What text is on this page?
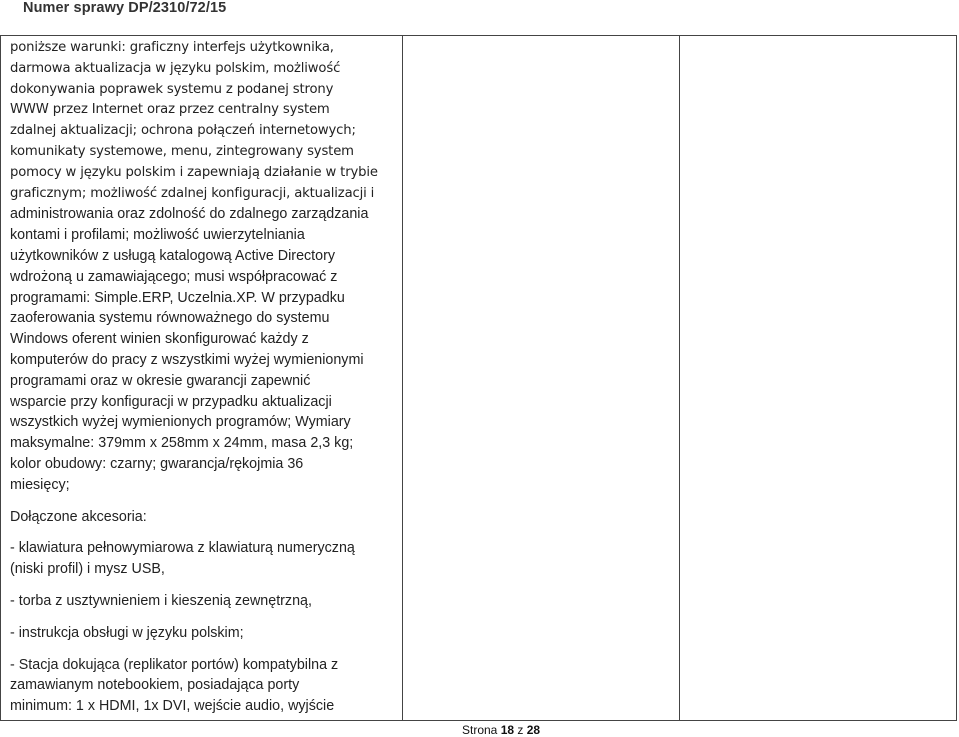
Numer sprawy DP/2310/72/15
poniższe warunki: graficzny interfejs użytkownika,
darmowa aktualizacja w języku polskim, możliwość
dokonywania poprawek systemu z podanej strony
WWW przez Internet oraz przez centralny system
zdalnej aktualizacji; ochrona połączeń internetowych;
komunikaty systemowe, menu, zintegrowany system
pomocy w języku polskim i zapewniają działanie w trybie
graficznym; możliwość zdalnej konfiguracji, aktualizacji i
administrowania oraz zdolność do zdalnego zarządzania
kontami i profilami; możliwość uwierzytelniania
użytkowników z usługą katalogową Active Directory
wdrożoną u zamawiającego; musi współpracować z
programami: Simple.ERP, Uczelnia.XP. W przypadku
zaoferowania systemu równoważnego do systemu
Windows oferent winien skonfigurować każdy z
komputerów do pracy z wszystkimi wyżej wymienionymi
programami oraz w okresie gwarancji zapewnić
wsparcie przy konfiguracji w przypadku aktualizacji
wszystkich wyżej wymienionych programów; Wymiary
maksymalne: 379mm x 258mm x 24mm, masa 2,3 kg;
kolor obudowy: czarny; gwarancja/rękojmia 36
miesięcy;
Dołączone akcesoria:
- klawiatura pełnowymiarowa z klawiaturą numeryczną
(niski profil) i mysz USB,
- torba z usztywnieniem i kieszenią zewnętrzną,
- instrukcja obsługi w języku polskim;
- Stacja dokująca (replikator portów) kompatybilna z
zamawianym notebookiem, posiadająca porty
minimum: 1 x HDMI, 1x DVI, wejście audio, wyjście
Strona 18 z 28
